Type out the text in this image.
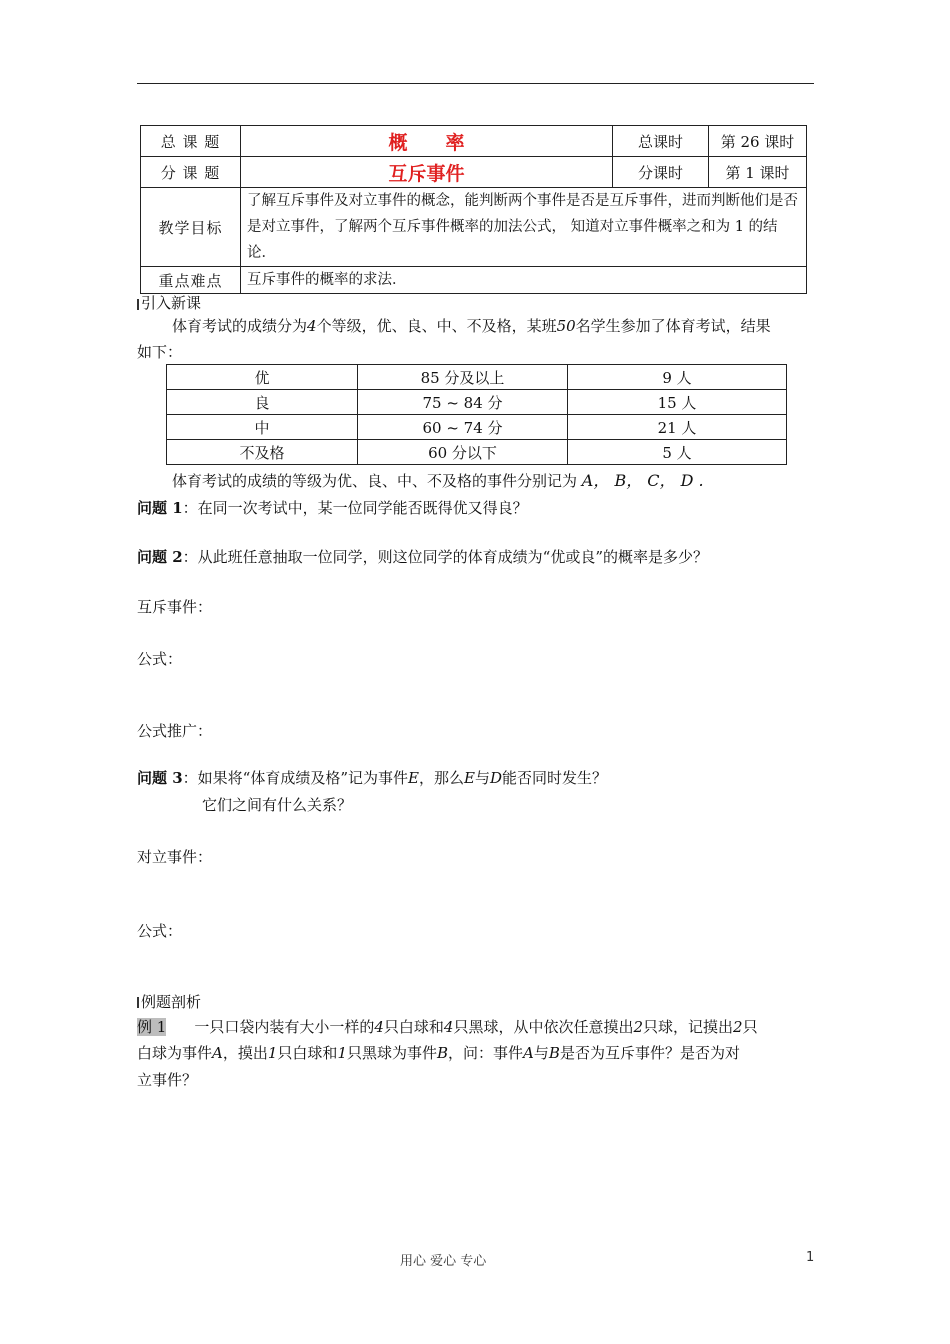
总 课 题	概　　率	总课时	第 26 课时
分 课 题	互斥事件	分课时	第 1 课时
教学目标	了解互斥事件及对立事件的概念，能判断两个事件是否是互斥事件，进而判断他们是否是对立事件，了解两个互斥事件概率的加法公式， 知道对立事件概率之和为 1 的结论．		
重点难点	互斥事件的概率的求法．		
引入新课
体育考试的成绩分为4个等级，优、良、中、不及格，某班50名学生参加了体育考试，结果
如下：
优	85 分及以上	9 人
良	75 ~ 84 分	15 人
中	60 ~ 74 分	21 人
不及格	60 分以下	5 人
体育考试的成绩的等级为优、良、中、不及格的事件分别记为 A， B， C， D .
问题 1：在同一次考试中，某一位同学能否既得优又得良？
问题 2：从此班任意抽取一位同学，则这位同学的体育成绩为“优或良”的概率是多少？
互斥事件：
公式：
公式推广：
问题 3：如果将“体育成绩及格”记为事件E，那么E与D能否同时发生？
它们之间有什么关系？
对立事件：
公式：
例题剖析
例 1 一只口袋内装有大小一样的4只白球和4只黑球，从中依次任意摸出2只球，记摸出2只
白球为事件A，摸出1只白球和1只黑球为事件B，问：事件A与B是否为互斥事件？是否为对
立事件？
用心 爱心 专心	1
